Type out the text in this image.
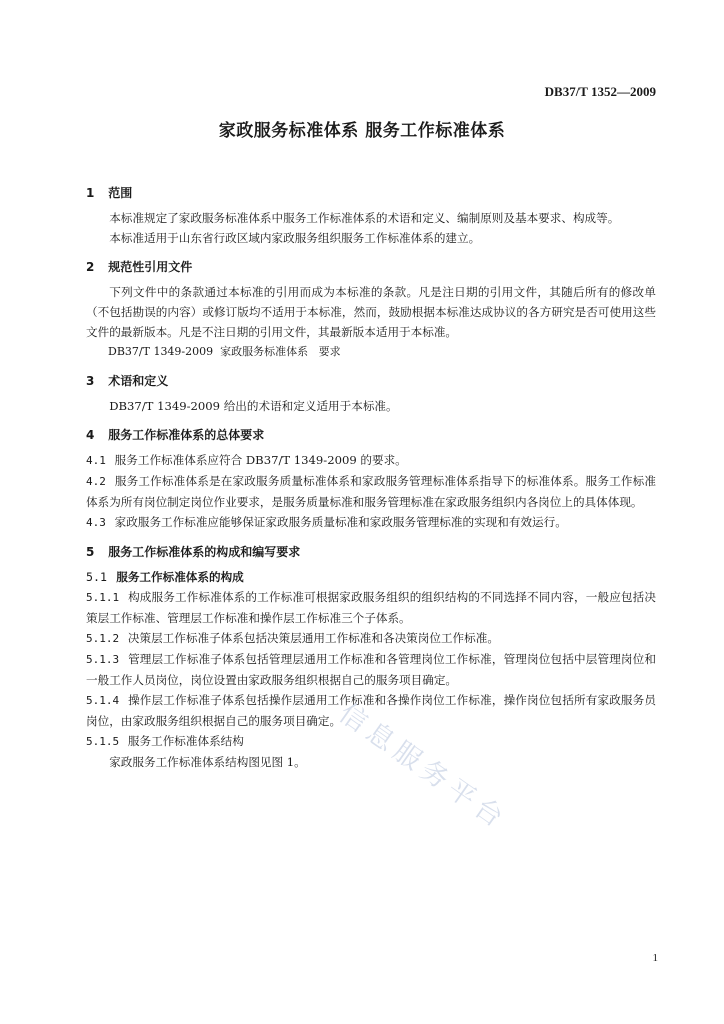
DB37/T 1352—2009
家政服务标准体系 服务工作标准体系
1 范围
本标准规定了家政服务标准体系中服务工作标准体系的术语和定义、编制原则及基本要求、构成等。
本标准适用于山东省行政区域内家政服务组织服务工作标准体系的建立。
2 规范性引用文件
下列文件中的条款通过本标准的引用而成为本标准的条款。凡是注日期的引用文件，其随后所有的修改单（不包括勘误的内容）或修订版均不适用于本标准，然而，鼓励根据本标准达成协议的各方研究是否可使用这些文件的最新版本。凡是不注日期的引用文件，其最新版本适用于本标准。
DB37/T 1349-2009  家政服务标准体系   要求
3 术语和定义
DB37/T 1349-2009 给出的术语和定义适用于本标准。
4 服务工作标准体系的总体要求
4.1 服务工作标准体系应符合 DB37/T 1349-2009 的要求。
4.2 服务工作标准体系是在家政服务质量标准体系和家政服务管理标准体系指导下的标准体系。服务工作标准体系为所有岗位制定岗位作业要求，是服务质量标准和服务管理标准在家政服务组织内各岗位上的具体体现。
4.3 家政服务工作标准应能够保证家政服务质量标准和家政服务管理标准的实现和有效运行。
5 服务工作标准体系的构成和编写要求
5.1 服务工作标准体系的构成
5.1.1 构成服务工作标准体系的工作标准可根据家政服务组织的组织结构的不同选择不同内容，一般应包括决策层工作标准、管理层工作标准和操作层工作标准三个子体系。
5.1.2 决策层工作标准子体系包括决策层通用工作标准和各决策岗位工作标准。
5.1.3 管理层工作标准子体系包括管理层通用工作标准和各管理岗位工作标准，管理岗位包括中层管理岗位和一般工作人员岗位，岗位设置由家政服务组织根据自己的服务项目确定。
5.1.4 操作层工作标准子体系包括操作层通用工作标准和各操作岗位工作标准，操作岗位包括所有家政服务员岗位，由家政服务组织根据自己的服务项目确定。
5.1.5 服务工作标准体系结构
家政服务工作标准体系结构图见图 1。	信息服务平台
1
